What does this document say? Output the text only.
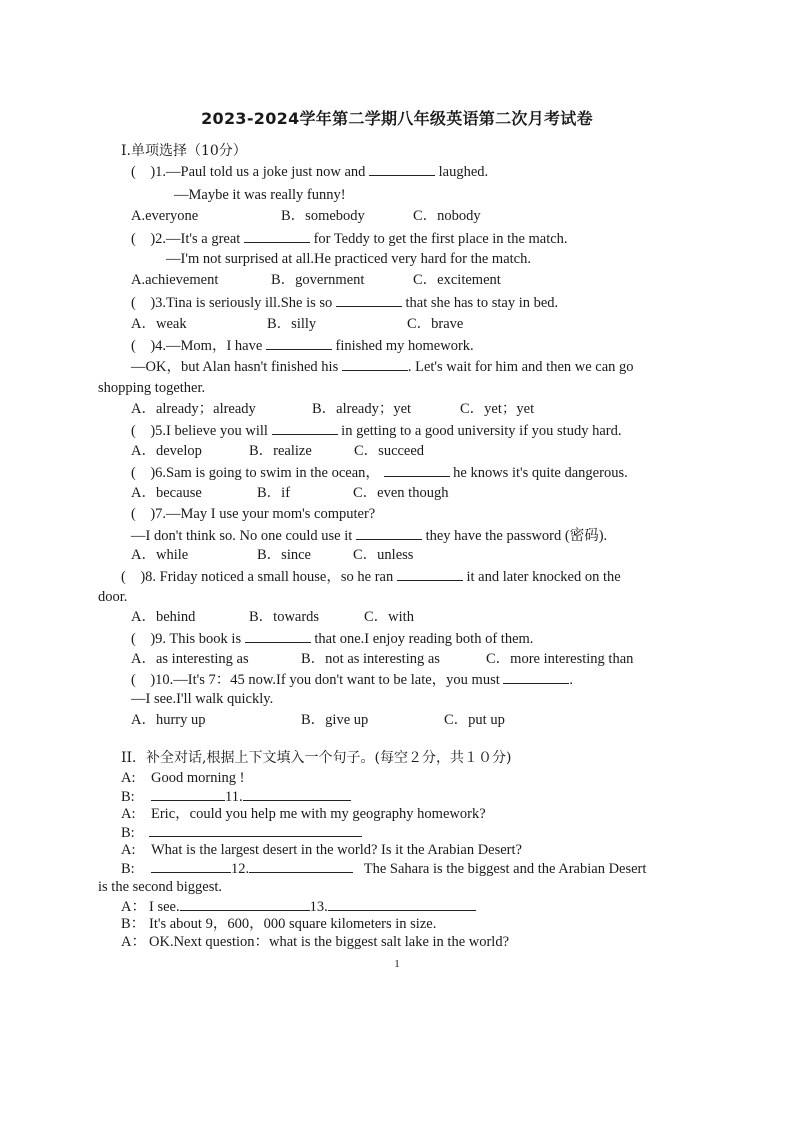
2023-2024学年第二学期八年级英语第二次月考试卷
I.单项选择（10分）
(    )1.—Paul told us a joke just now and	laughed.
—Maybe it was really funny!
A.everyone	B．somebody	C．nobody
(    )2.—It's a great	for Teddy to get the first place in the match.
—I'm not surprised at all.He practiced very hard for the match.
A.achievement	B．government	C．excitement
(    )3.Tina is seriously ill.She is so	that she has to stay in bed.
A．weak	B．silly	C．brave
(    )4.—Mom，I have	finished my homework.
—OK，but Alan hasn't finished his	. Let's wait for him and then we can go
shopping together.
A．already；already	B．already；yet	C．yet；yet
(    )5.I believe you will	in getting to a good university if you study hard.
A．develop	B．realize	C．succeed
(    )6.Sam is going to swim in the ocean，	he knows it's quite dangerous.
A．because	B．if	C．even though
(    )7.—May I use your mom's computer?
—I don't think so. No one could use it	they have the password (密码).
A．while	B．since	C．unless
(    )8. Friday noticed a small house，so he ran	it and later knocked on the
door.
A．behind	B．towards	C．with
(    )9. This book is	that one.I enjoy reading both of them.
A．as interesting as	B．not as interesting as	C．more interesting than
(    )10.—It's 7：45 now.If you don't want to be late，you must	.
—I see.I'll walk quickly.
A．hurry up	B．give up	C．put up
II．补全对话,根据上下文填入一个句子。(每空２分，共１０分)
A: Good morning !
B:	11.
A: Eric，could you help me with my geography homework?
B:
A: What is the largest desert in the world? Is it the Arabian Desert?
B:	12.	The Sahara is the biggest and the Arabian Desert
is the second biggest.
A： I see.	13.
B： It's about 9，600，000 square kilometers in size.
A： OK.Next question：what is the biggest salt lake in the world?
1
